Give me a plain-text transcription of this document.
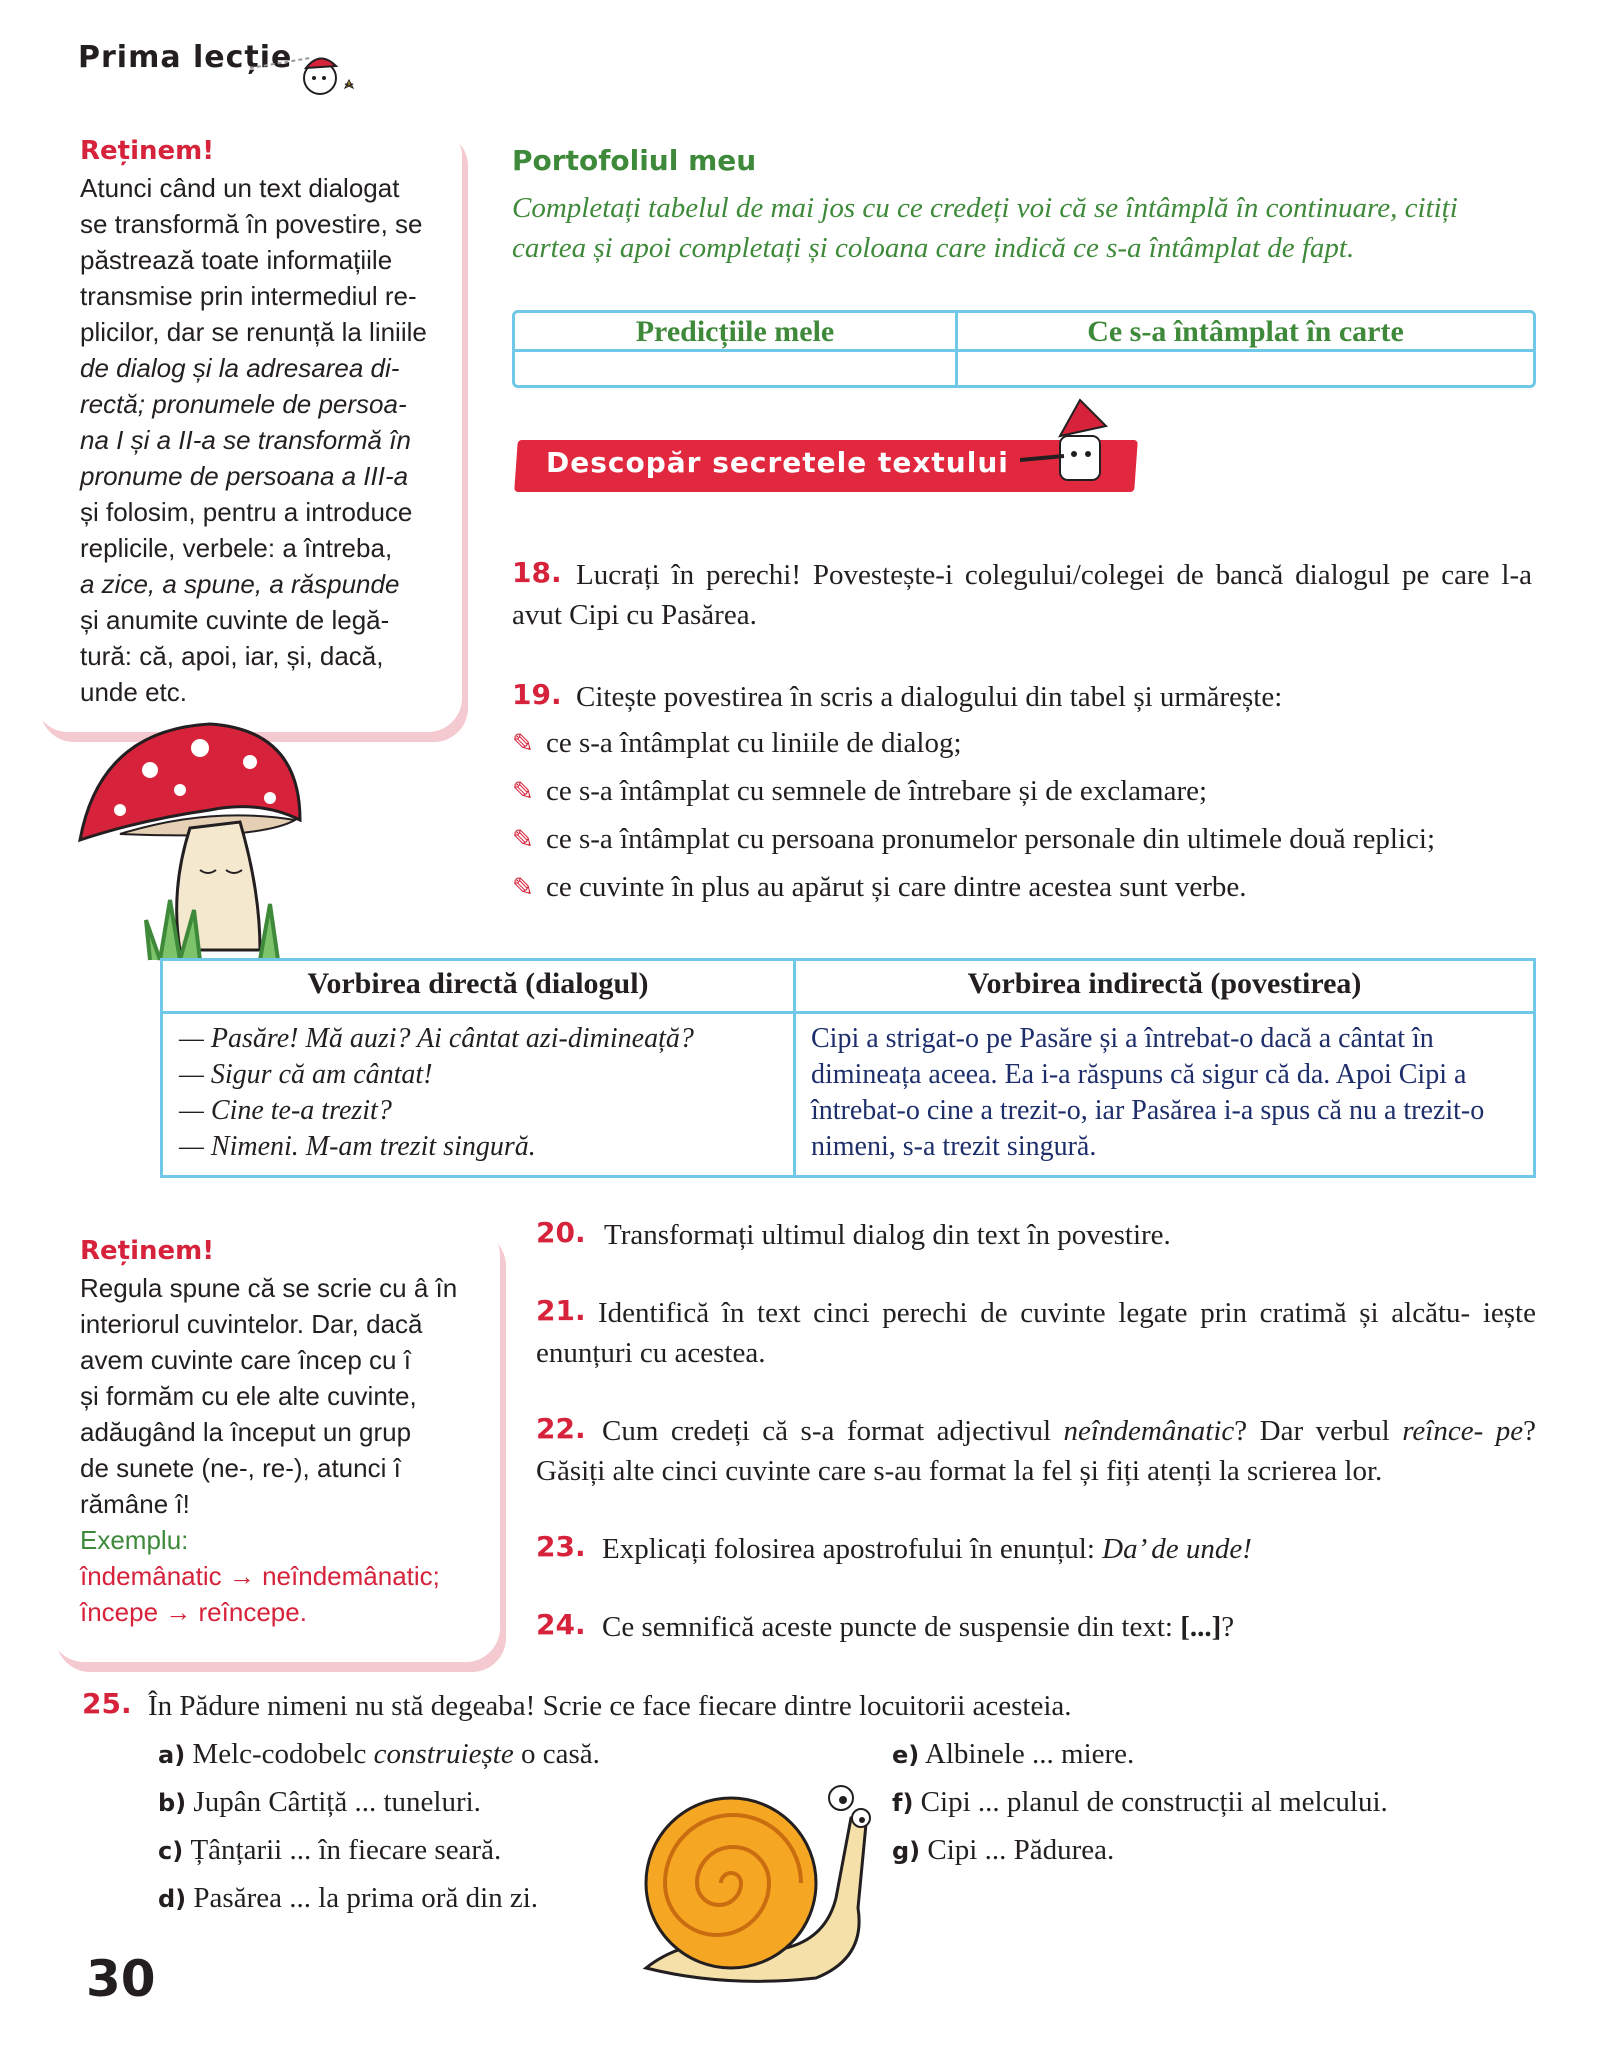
Prima lecție
Reținem!
Atunci când un text dialogat
se transformă în povestire, se
păstrează toate informațiile
transmise prin intermediul re-
plicilor, dar se renunță la liniile
de dialog și la adresarea di-
rectă; pronumele de persoa-
na I și a II-a se transformă în
pronume de persoana a III-a
și folosim, pentru a introduce
replicile, verbele: a întreba,
a zice, a spune, a răspunde
și anumite cuvinte de legă-
tură: că, apoi, iar, și, dacă,
unde etc.
Portofoliul meu
Completați tabelul de mai jos cu ce credeți voi că se întâmplă în continuare, citiți cartea și apoi completați și coloana care indică ce s-a întâmplat de fapt.
Predicțiile mele	Ce s-a întâmplat în carte
Descopăr secretele textului
18. Lucrați în perechi! Povestește-i colegului/colegei de bancă dialogul pe care l-a avut Cipi cu Pasărea.
19. Citește povestirea în scris a dialogului din tabel și urmărește:
✎ ce s-a întâmplat cu liniile de dialog;
✎ ce s-a întâmplat cu semnele de întrebare și de exclamare;
✎ ce s-a întâmplat cu persoana pronumelor personale din ultimele două replici;
✎ ce cuvinte în plus au apărut și care dintre acestea sunt verbe.
Vorbirea directă (dialogul)	Vorbirea indirectă (povestirea)
— Pasăre! Mă auzi? Ai cântat azi-dimineață?
— Sigur că am cântat!
— Cine te-a trezit?
— Nimeni. M-am trezit singură.
Cipi a strigat-o pe Pasăre și a întrebat-o dacă a cântat în dimineața aceea. Ea i-a răspuns că sigur că da. Apoi Cipi a întrebat-o cine a trezit-o, iar Pasărea i-a spus că nu a trezit-o nimeni, s-a trezit singură.
Reținem!
Regula spune că se scrie cu â în
interiorul cuvintelor. Dar, dacă
avem cuvinte care încep cu î
și formăm cu ele alte cuvinte,
adăugând la început un grup
de sunete (ne-, re-), atunci î
rămâne î!
Exemplu:
îndemânatic → neîndemânatic;
începe → reîncepe.
20. Transformați ultimul dialog din text în povestire.
21. Identifică în text cinci perechi de cuvinte legate prin cratimă și alcătu- iește enunțuri cu acestea.
22. Cum credeți că s-a format adjectivul neîndemânatic? Dar verbul reînce- pe? Găsiți alte cinci cuvinte care s-au format la fel și fiți atenți la scrierea lor.
23. Explicați folosirea apostrofului în enunțul: Da’ de unde!
24. Ce semnifică aceste puncte de suspensie din text: [...]?
25. În Pădure nimeni nu stă degeaba! Scrie ce face fiecare dintre locuitorii acesteia.
a) Melc-codobelc construiește o casă.
b) Jupân Cârtiță ... tuneluri.
c) Țânțarii ... în fiecare seară.
d) Pasărea ... la prima oră din zi.
e) Albinele ... miere.
f) Cipi ... planul de construcții al melcului.
g) Cipi ... Pădurea.
30
